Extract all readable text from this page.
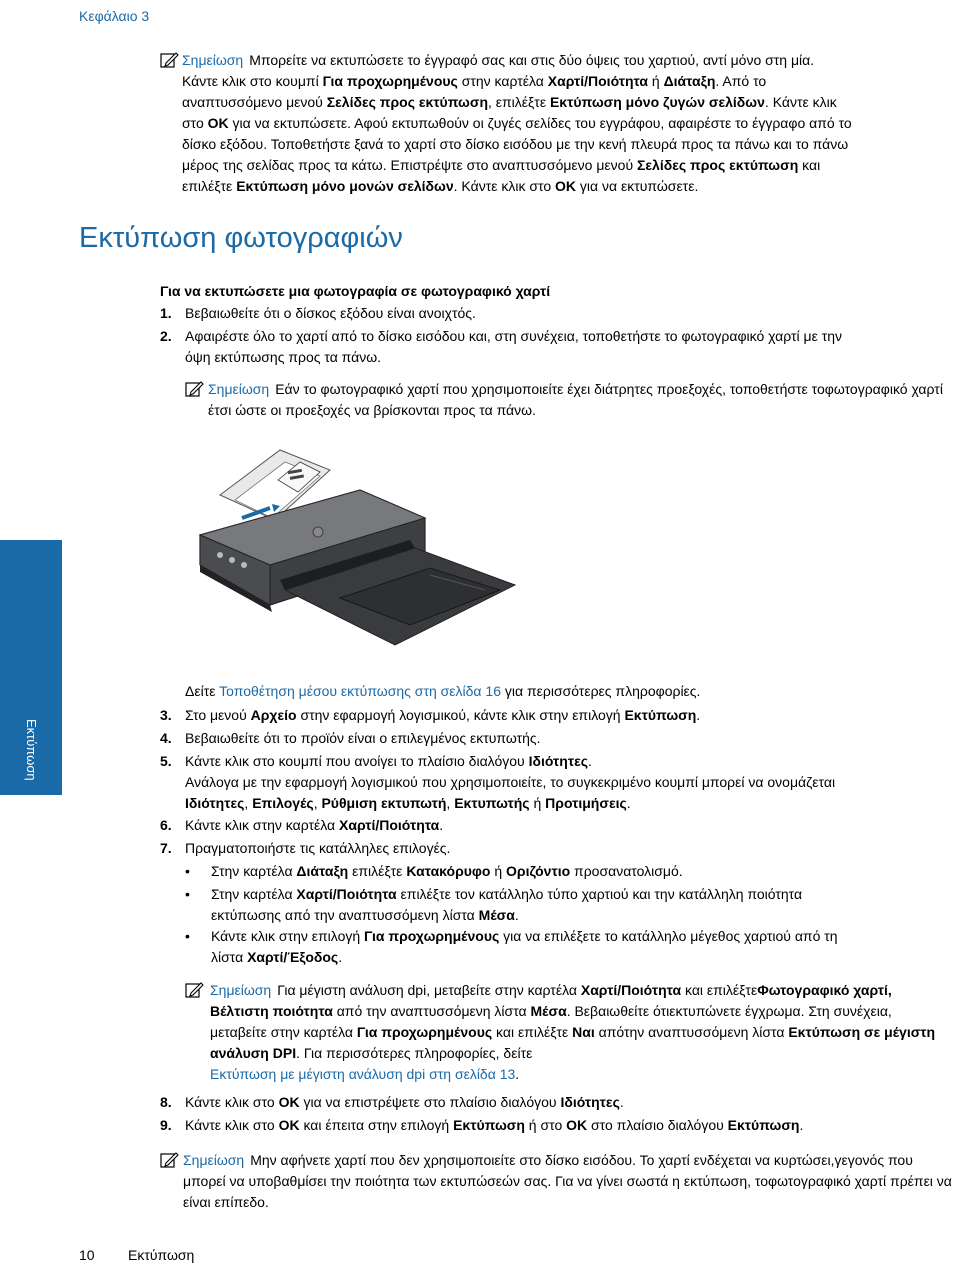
Κεφάλαιο 3
Σημείωση Μπορείτε να εκτυπώσετε το έγγραφό σας και στις δύο όψεις του χαρτιού, αντί μόνο στη μία.
Κάντε κλικ στο κουμπί Για προχωρημένους στην καρτέλα Χαρτί/Ποιότητα ή Διάταξη. Από το
αναπτυσσόμενο μενού Σελίδες προς εκτύπωση, επιλέξτε Εκτύπωση μόνο ζυγών σελίδων. Κάντε κλικ
στο OK για να εκτυπώσετε. Αφού εκτυπωθούν οι ζυγές σελίδες του εγγράφου, αφαιρέστε το έγγραφο από το
δίσκο εξόδου. Τοποθετήστε ξανά το χαρτί στο δίσκο εισόδου με την κενή πλευρά προς τα πάνω και το πάνω
μέρος της σελίδας προς τα κάτω. Επιστρέψτε στο αναπτυσσόμενο μενού Σελίδες προς εκτύπωση και
επιλέξτε Εκτύπωση μόνο μονών σελίδων. Κάντε κλικ στο OK για να εκτυπώσετε.
Εκτύπωση φωτογραφιών
Για να εκτυπώσετε μια φωτογραφία σε φωτογραφικό χαρτί
1. Βεβαιωθείτε ότι ο δίσκος εξόδου είναι ανοιχτός.
2. Αφαιρέστε όλο το χαρτί από το δίσκο εισόδου και, στη συνέχεια, τοποθετήστε το φωτογραφικό χαρτί με την
όψη εκτύπωσης προς τα πάνω.
Σημείωση Εάν το φωτογραφικό χαρτί που χρησιμοποιείτε έχει διάτρητες προεξοχές, τοποθετήστε τοφωτογραφικό χαρτί έτσι ώστε οι προεξοχές να βρίσκονται προς τα πάνω.
Εκτύπωση
Δείτε Τοποθέτηση μέσου εκτύπωσης στη σελίδα 16 για περισσότερες πληροφορίες.
3. Στο μενού Αρχείο στην εφαρμογή λογισμικού, κάντε κλικ στην επιλογή Εκτύπωση.
4. Βεβαιωθείτε ότι το προϊόν είναι ο επιλεγμένος εκτυπωτής.
5. Κάντε κλικ στο κουμπί που ανοίγει το πλαίσιο διαλόγου Ιδιότητες.
Ανάλογα με την εφαρμογή λογισμικού που χρησιμοποιείτε, το συγκεκριμένο κουμπί μπορεί να ονομάζεται
Ιδιότητες, Επιλογές, Ρύθμιση εκτυπωτή, Εκτυπωτής ή Προτιμήσεις.
6. Κάντε κλικ στην καρτέλα Χαρτί/Ποιότητα.
7. Πραγματοποιήστε τις κατάλληλες επιλογές.
• Στην καρτέλα Διάταξη επιλέξτε Κατακόρυφο ή Οριζόντιο προσανατολισμό.
• Στην καρτέλα Χαρτί/Ποιότητα επιλέξτε τον κατάλληλο τύπο χαρτιού και την κατάλληλη ποιότητα
εκτύπωσης από την αναπτυσσόμενη λίστα Μέσα.
• Κάντε κλικ στην επιλογή Για προχωρημένους για να επιλέξετε το κατάλληλο μέγεθος χαρτιού από τη
λίστα Χαρτί/Έξοδος.
Σημείωση Για μέγιστη ανάλυση dpi, μεταβείτε στην καρτέλα Χαρτί/Ποιότητα και επιλέξτεΦωτογραφικό χαρτί, Βέλτιστη ποιότητα από την αναπτυσσόμενη λίστα Μέσα. Βεβαιωθείτε ότιεκτυπώνετε έγχρωμα. Στη συνέχεια, μεταβείτε στην καρτέλα Για προχωρημένους και επιλέξτε Ναι απότην αναπτυσσόμενη λίστα Εκτύπωση σε μέγιστη ανάλυση DPI. Για περισσότερες πληροφορίες, δείτε
Εκτύπωση με μέγιστη ανάλυση dpi στη σελίδα 13.
8. Κάντε κλικ στο OK για να επιστρέψετε στο πλαίσιο διαλόγου Ιδιότητες.
9. Κάντε κλικ στο OK και έπειτα στην επιλογή Εκτύπωση ή στο OK στο πλαίσιο διαλόγου Εκτύπωση.
Σημείωση Μην αφήνετε χαρτί που δεν χρησιμοποιείτε στο δίσκο εισόδου. Το χαρτί ενδέχεται να κυρτώσει,γεγονός που μπορεί να υποβαθμίσει την ποιότητα των εκτυπώσεών σας. Για να γίνει σωστά η εκτύπωση, τοφωτογραφικό χαρτί πρέπει να είναι επίπεδο.
10 Εκτύπωση
